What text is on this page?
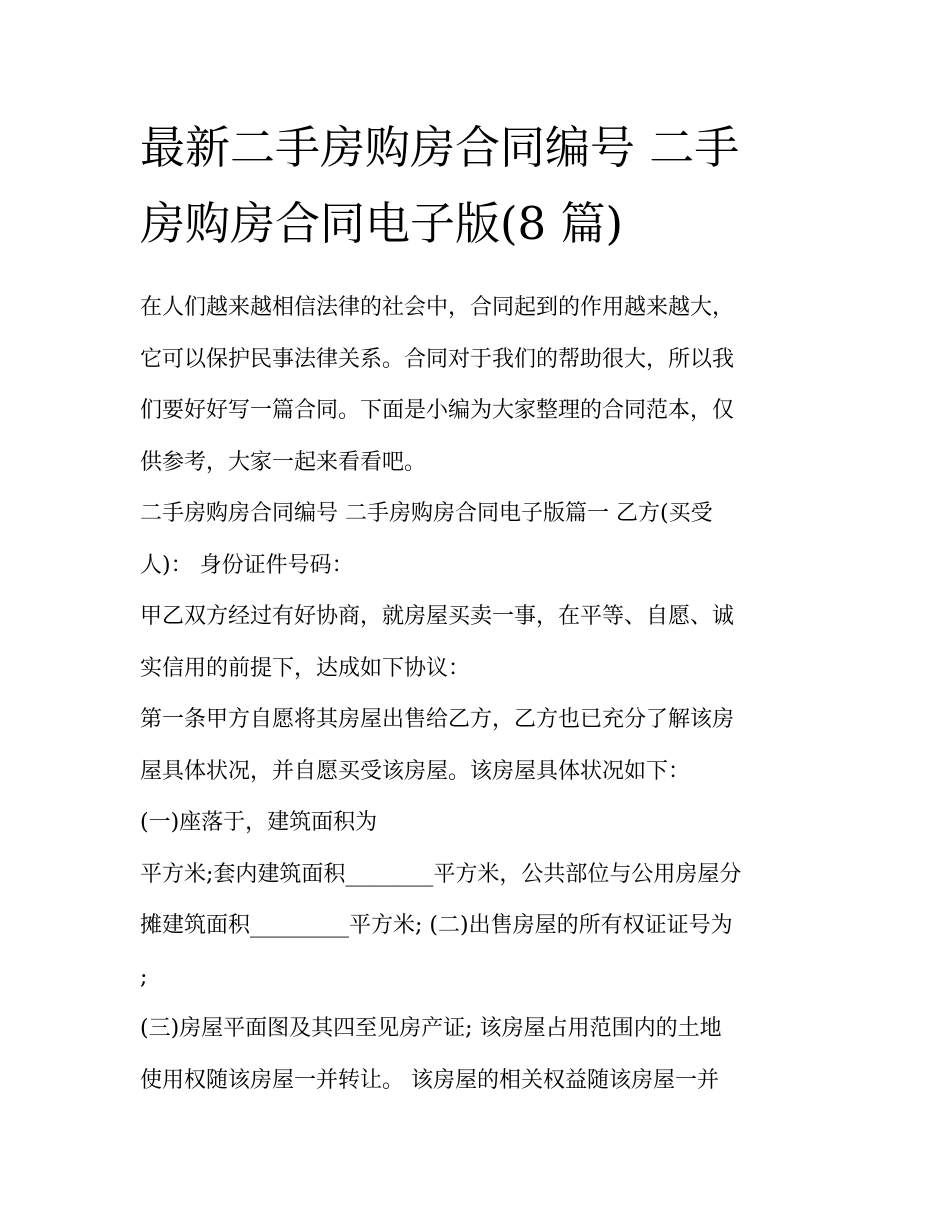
最新二手房购房合同编号 二手
房购房合同电子版(8 篇)

在人们越来越相信法律的社会中，合同起到的作用越来越大，
它可以保护民事法律关系。合同对于我们的帮助很大，所以我
们要好好写一篇合同。下面是小编为大家整理的合同范本，仅
供参考，大家一起来看看吧。

二手房购房合同编号 二手房购房合同电子版篇一 乙方(买受
人)： 身份证件号码：

甲乙双方经过有好协商，就房屋买卖一事，在平等、自愿、诚
实信用的前提下，达成如下协议：

第一条甲方自愿将其房屋出售给乙方，乙方也已充分了解该房
屋具体状况，并自愿买受该房屋。该房屋具体状况如下：

(一)座落于，建筑面积为

平方米;套内建筑面积________平方米，公共部位与公用房屋分
摊建筑面积_________平方米; (二)出售房屋的所有权证证号为
;

(三)房屋平面图及其四至见房产证; 该房屋占用范围内的土地
使用权随该房屋一并转让。 该房屋的相关权益随该房屋一并
